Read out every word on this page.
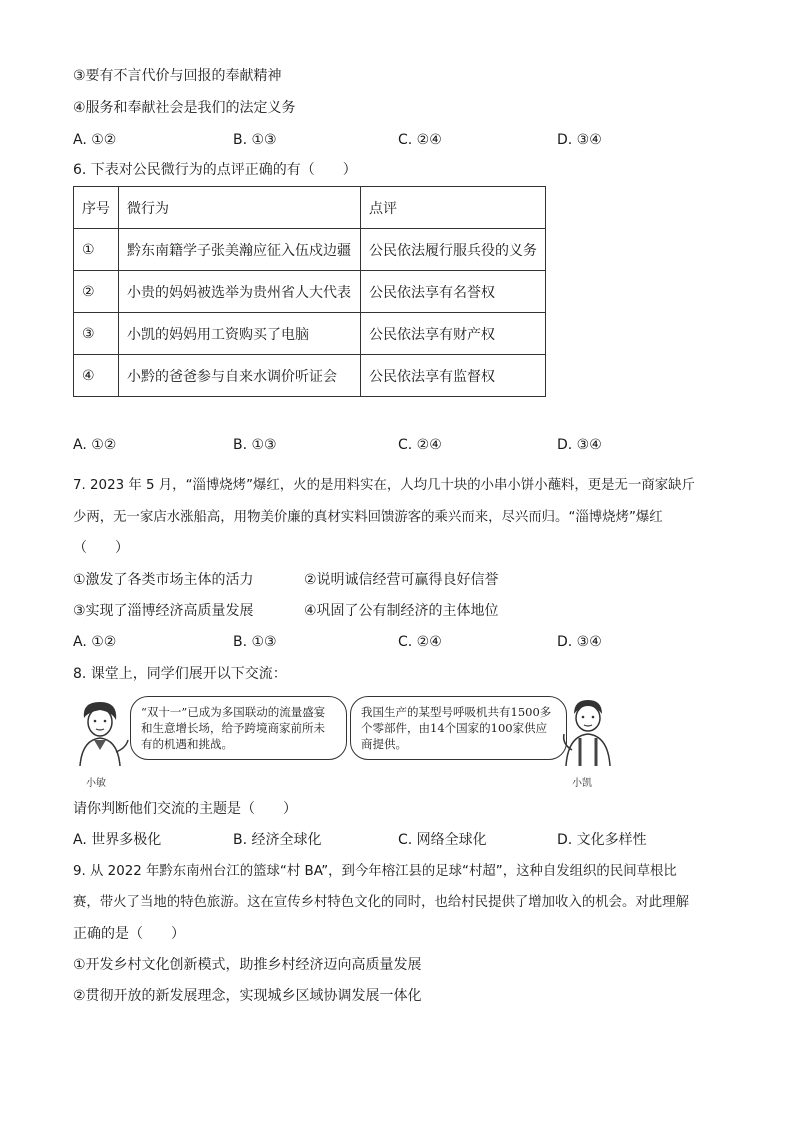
③要有不言代价与回报的奉献精神
④服务和奉献社会是我们的法定义务
A. ①②	B. ①③	C. ②④	D. ③④
6. 下表对公民微行为的点评正确的有（　　）
序号	微行为	点评
①	黔东南籍学子张美瀚应征入伍戍边疆	公民依法履行服兵役的义务
②	小贵的妈妈被选举为贵州省人大代表	公民依法享有名誉权
③	小凯的妈妈用工资购买了电脑	公民依法享有财产权
④	小黔的爸爸参与自来水调价听证会	公民依法享有监督权
A. ①②	B. ①③	C. ②④	D. ③④
7. 2023 年 5 月，“淄博烧烤”爆红，火的是用料实在，人均几十块的小串小饼小蘸料，更是无一商家缺斤
少两，无一家店水涨船高，用物美价廉的真材实料回馈游客的乘兴而来，尽兴而归。“淄博烧烤”爆红
（　　）
①激发了各类市场主体的活力	②说明诚信经营可赢得良好信誉
③实现了淄博经济高质量发展	④巩固了公有制经济的主体地位
A. ①②	B. ①③	C. ②④	D. ③④
8. 课堂上，同学们展开以下交流：
小敏
“双十一”已成为多国联动的流量盛宴和生意增长场，给予跨境商家前所未有的机遇和挑战。
我国生产的某型号呼吸机共有1500多个零部件，由14个国家的100家供应商提供。
小凯
请你判断他们交流的主题是（　　）
A. 世界多极化	B. 经济全球化	C. 网络全球化	D. 文化多样性
9. 从 2022 年黔东南州台江的篮球“村 BA”，到今年榕江县的足球“村超”，这种自发组织的民间草根比
赛，带火了当地的特色旅游。这在宣传乡村特色文化的同时，也给村民提供了增加收入的机会。对此理解
正确的是（　　）
①开发乡村文化创新模式，助推乡村经济迈向高质量发展
②贯彻开放的新发展理念，实现城乡区域协调发展一体化
